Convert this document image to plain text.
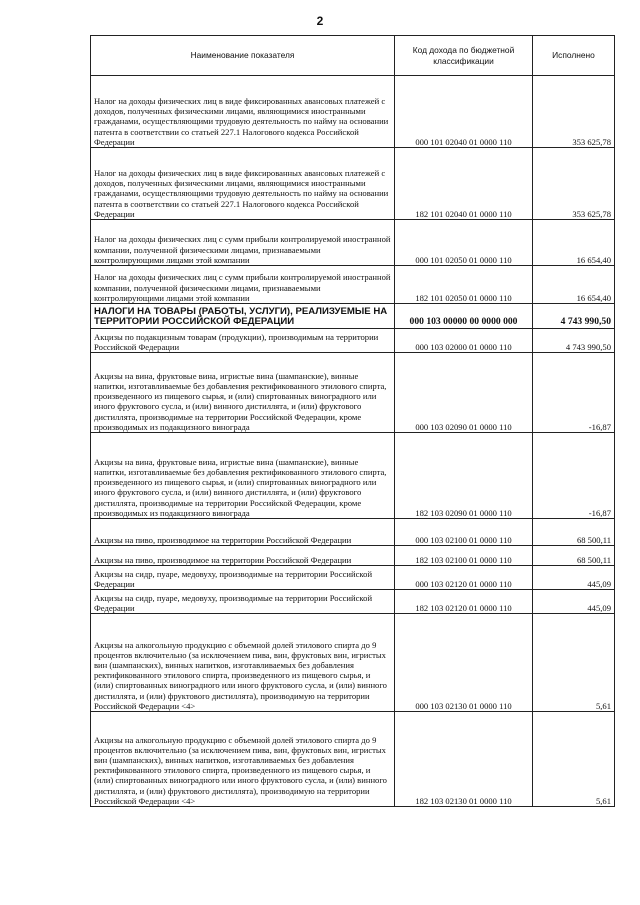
2
Наименование показателя	Код дохода по бюджетной классификации	Исполнено
Налог на доходы физических лиц в виде фиксированных авансовых платежей с доходов, полученных физическими лицами, являющимися иностранными гражданами, осуществляющими трудовую деятельность по найму на основании патента в соответствии со статьей 227.1 Налогового кодекса Российской Федерации	000 101 02040 01 0000 110	353 625,78
Налог на доходы физических лиц в виде фиксированных авансовых платежей с доходов, полученных физическими лицами, являющимися иностранными гражданами, осуществляющими трудовую деятельность по найму на основании патента в соответствии со статьей 227.1 Налогового кодекса Российской Федерации	182 101 02040 01 0000 110	353 625,78
Налог на доходы физических лиц с сумм прибыли контролируемой иностранной компании, полученной физическими лицами, признаваемыми контролирующими лицами этой компании	000 101 02050 01 0000 110	16 654,40
Налог на доходы физических лиц с сумм прибыли контролируемой иностранной компании, полученной физическими лицами, признаваемыми контролирующими лицами этой компании	182 101 02050 01 0000 110	16 654,40
НАЛОГИ НА ТОВАРЫ (РАБОТЫ, УСЛУГИ), РЕАЛИЗУЕМЫЕ НА ТЕРРИТОРИИ РОССИЙСКОЙ ФЕДЕРАЦИИ	000 103 00000 00 0000 000	4 743 990,50
Акцизы по подакцизным товарам (продукции), производимым на территории Российской Федерации	000 103 02000 01 0000 110	4 743 990,50
Акцизы на вина, фруктовые вина, игристые вина (шампанские), винные напитки, изготавливаемые без добавления ректификованного этилового спирта, произведенного из пищевого сырья, и (или) спиртованных виноградного или иного фруктового сусла, и (или) винного дистиллята, и (или) фруктового дистиллята, производимые на территории Российской Федерации, кроме производимых из подакцизного винограда	000 103 02090 01 0000 110	-16,87
Акцизы на вина, фруктовые вина, игристые вина (шампанские), винные напитки, изготавливаемые без добавления ректификованного этилового спирта, произведенного из пищевого сырья, и (или) спиртованных виноградного или иного фруктового сусла, и (или) винного дистиллята, и (или) фруктового дистиллята, производимые на территории Российской Федерации, кроме производимых из подакцизного винограда	182 103 02090 01 0000 110	-16,87
Акцизы на пиво, производимое на территории Российской Федерации	000 103 02100 01 0000 110	68 500,11
Акцизы на пиво, производимое на территории Российской Федерации	182 103 02100 01 0000 110	68 500,11
Акцизы на сидр, пуаре, медовуху, производимые на территории Российской Федерации	000 103 02120 01 0000 110	445,09
Акцизы на сидр, пуаре, медовуху, производимые на территории Российской Федерации	182 103 02120 01 0000 110	445,09
Акцизы на алкогольную продукцию с объемной долей этилового спирта до 9 процентов включительно (за исключением пива, вин, фруктовых вин, игристых вин (шампанских), винных напитков, изготавливаемых без добавления ректификованного этилового спирта, произведенного из пищевого сырья, и (или) спиртованных виноградного или иного фруктового сусла, и (или) винного дистиллята, и (или) фруктового дистиллята), производимую на территории Российской Федерации <4>	000 103 02130 01 0000 110	5,61
Акцизы на алкогольную продукцию с объемной долей этилового спирта до 9 процентов включительно (за исключением пива, вин, фруктовых вин, игристых вин (шампанских), винных напитков, изготавливаемых без добавления ректификованного этилового спирта, произведенного из пищевого сырья, и (или) спиртованных виноградного или иного фруктового сусла, и (или) винного дистиллята, и (или) фруктового дистиллята), производимую на территории Российской Федерации <4>	182 103 02130 01 0000 110	5,61
